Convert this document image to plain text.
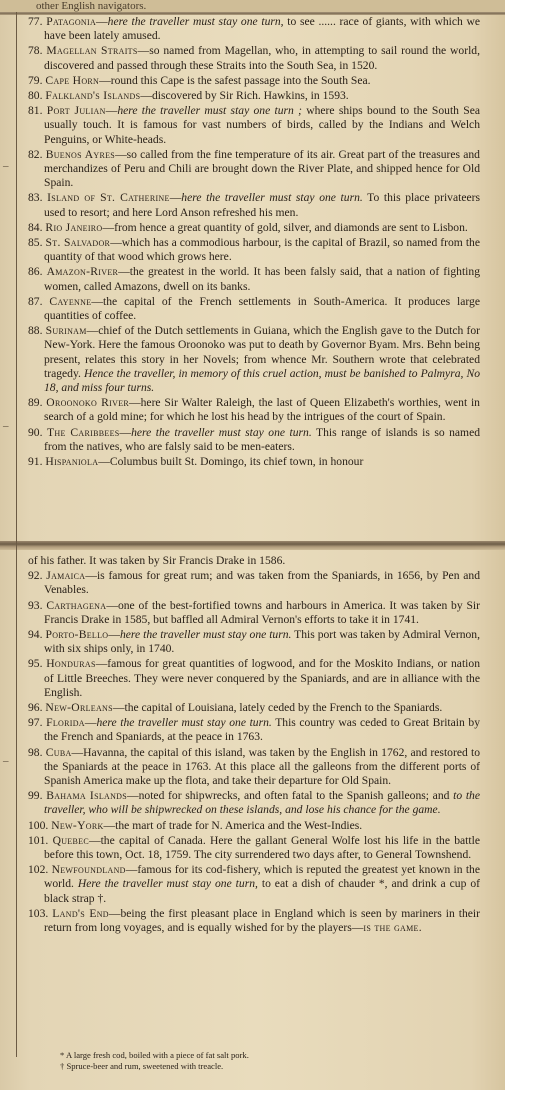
other English navigators.
–
–
–

77. Patagonia—here the traveller must stay one turn, to see ...... race of giants, with which we have been lately amused.

78. Magellan Straits—so named from Magellan, who, in attempting to sail round the world, discovered and passed through these Straits into the South Sea, in 1520.

79. Cape Horn—round this Cape is the safest passage into the South Sea.

80. Falkland's Islands—discovered by Sir Rich. Hawkins, in 1593.

81. Port Julian—here the traveller must stay one turn ; where ships bound to the South Sea usually touch. It is famous for vast numbers of birds, called by the Indians and Welch Penguins, or White-heads.

82. Buenos Ayres—so called from the fine temperature of its air. Great part of the treasures and merchandizes of Peru and Chili are brought down the River Plate, and shipped hence for Old Spain.

83. Island of St. Catherine—here the traveller must stay one turn. To this place privateers used to resort; and here Lord Anson refreshed his men.

84. Rio Janeiro—from hence a great quantity of gold, silver, and diamonds are sent to Lisbon.

85. St. Salvador—which has a commodious harbour, is the capital of Brazil, so named from the quantity of that wood which grows here.

86. Amazon-River—the greatest in the world. It has been falsly said, that a nation of fighting women, called Amazons, dwell on its banks.

87. Cayenne—the capital of the French settlements in South-America. It produces large quantities of coffee.

88. Surinam—chief of the Dutch settlements in Guiana, which the English gave to the Dutch for New-York. Here the famous Oroonoko was put to death by Governor Byam. Mrs. Behn being present, relates this story in her Novels; from whence Mr. Southern wrote that celebrated tragedy. Hence the traveller, in memory of this cruel action, must be banished to Palmyra, No 18, and miss four turns.

89. Oroonoko River—here Sir Walter Raleigh, the last of Queen Elizabeth's worthies, went in search of a gold mine; for which he lost his head by the intrigues of the court of Spain.

90. The Caribbees—here the traveller must stay one turn. This range of islands is so named from the natives, who are falsly said to be men-eaters.

91. Hispaniola—Columbus built St. Domingo, its chief town, in honour

of his father. It was taken by Sir Francis Drake in 1586.

92. Jamaica—is famous for great rum; and was taken from the Spaniards, in 1656, by Pen and Venables.

93. Carthagena—one of the best-fortified towns and harbours in America. It was taken by Sir Francis Drake in 1585, but baffled all Admiral Vernon's efforts to take it in 1741.

94. Porto-Bello—here the traveller must stay one turn. This port was taken by Admiral Vernon, with six ships only, in 1740.

95. Honduras—famous for great quantities of logwood, and for the Moskito Indians, or nation of Little Breeches. They were never conquered by the Spaniards, and are in alliance with the English.

96. New-Orleans—the capital of Louisiana, lately ceded by the French to the Spaniards.

97. Florida—here the traveller must stay one turn. This country was ceded to Great Britain by the French and Spaniards, at the peace in 1763.

98. Cuba—Havanna, the capital of this island, was taken by the English in 1762, and restored to the Spaniards at the peace in 1763. At this place all the galleons from the different ports of Spanish America make up the flota, and take their departure for Old Spain.

99. Bahama Islands—noted for shipwrecks, and often fatal to the Spanish galleons; and to the traveller, who will be shipwrecked on these islands, and lose his chance for the game.

100. New-York—the mart of trade for N. America and the West-Indies.

101. Quebec—the capital of Canada. Here the gallant General Wolfe lost his life in the battle before this town, Oct. 18, 1759. The city surrendered two days after, to General Townshend.

102. Newfoundland—famous for its cod-fishery, which is reputed the greatest yet known in the world. Here the traveller must stay one turn, to eat a dish of chauder *, and drink a cup of black strap †.

103. Land's End—being the first pleasant place in England which is seen by mariners in their return from long voyages, and is equally wished for by the players—is the game.

* A large fresh cod, boiled with a piece of fat salt pork.
† Spruce-beer and rum, sweetened with treacle.
